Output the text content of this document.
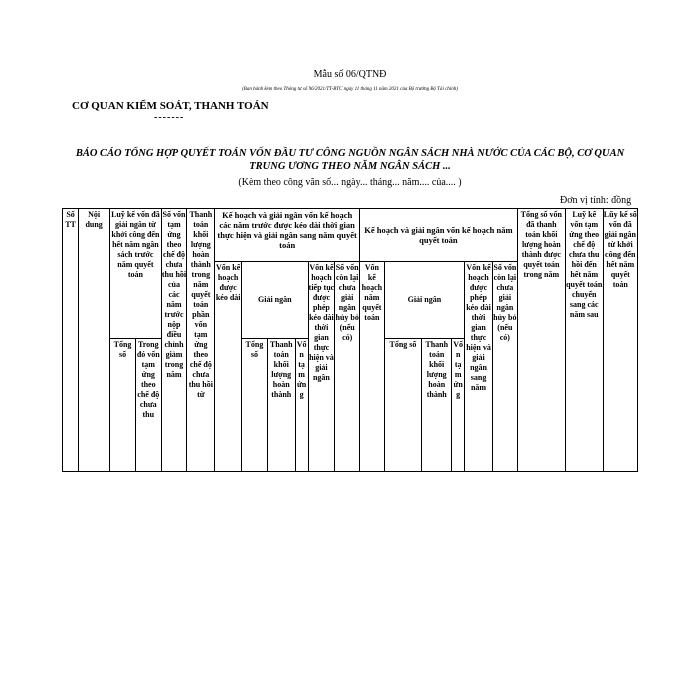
Mẫu số 06/QTNĐ
(Ban hành kèm theo Thông tư số 96/2021/TT-BTC ngày 11 tháng 11 năm 2021 của Bộ trưởng Bộ Tài chính)
CƠ QUAN KIỂM SOÁT, THANH TOÁN
-------
BÁO CÁO TỔNG HỢP QUYẾT TOÁN VỐN ĐẦU TƯ CÔNG NGUỒN NGÂN SÁCH NHÀ NƯỚC CỦA CÁC BỘ, CƠ QUAN
TRUNG ƯƠNG THEO NĂM NGÂN SÁCH ...
(Kèm theo công văn số... ngày... tháng... năm.... của.... )
Đơn vị tính: đồng
Số TT	Nội dung	Luỹ kế vốn đã giải ngân từ khởi công đến hết năm ngân sách trước năm quyết toán		Số vốn tạm ứng theo chế độ chưa thu hồi của các năm trước nộp điều chỉnh giảm trong năm	Thanh toán khối lượng hoàn thành trong năm quyết toán phần vốn tạm ứng theo chế độ chưa thu hồi từ	Kế hoạch và giải ngân vốn kế hoạch các năm trước được kéo dài thời gian thực hiện và giải ngân sang năm quyết toán						Kế hoạch và giải ngân vốn kế hoạch năm quyết toán						Tổng số vốn đã thanh toán khối lượng hoàn thành được quyết toán trong năm	Luỹ kế vốn tạm ứng theo chế độ chưa thu hồi đến hết năm quyết toán chuyển sang các năm sau	Lũy kế số vốn đã giải ngân từ khởi công đến hết năm quyết toán
						Vốn kế hoạch được kéo dài	Giải ngân			Vốn kế hoạch tiếp tục được phép kéo dài thời gian thực hiện và giải ngân	Số vốn còn lại chưa giải ngân hủy bỏ (nếu có)	Vốn kế hoạch năm quyết toán	Giải ngân			Vốn kế hoạch được phép kéo dài thời gian thực hiện và giải ngân sang năm	Số vốn còn lại chưa giải ngân hủy bỏ (nếu có)			

		Tổng số	Trong đó vốn tạm ứng theo chế độ chưa thu				Tổng số	Thanh toán khối lượng hoàn thành	Vốn tạm ứng				Tổng số	Thanh toán khối lượng hoàn thành	Vốn tạm ứng					
